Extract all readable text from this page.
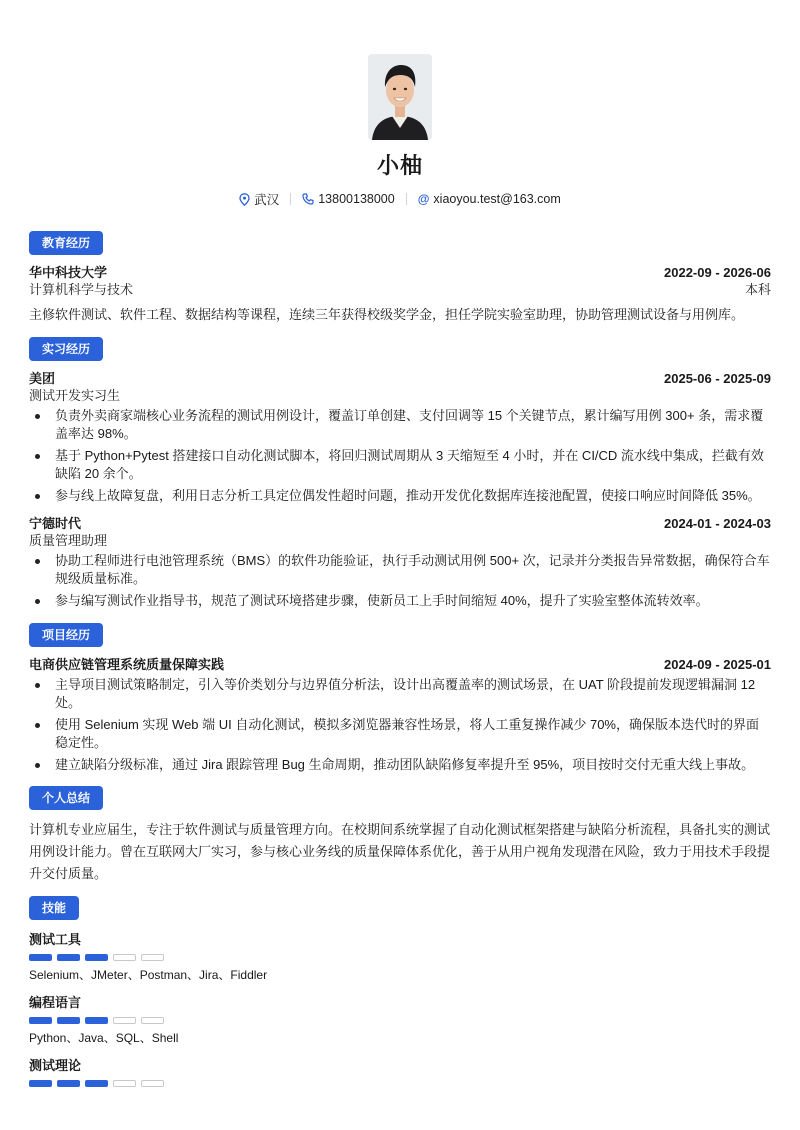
小柚
武汉	13800138000 @ xiaoyou.test@163.com
教育经历
华中科技大学	2022-09 - 2026-06
计算机科学与技术	本科

主修软件测试、软件工程、数据结构等课程，连续三年获得校级奖学金，担任学院实验室助理，协助管理测试设备与用例库。

实习经历
美团	2025-06 - 2025-09
测试开发实习生
负责外卖商家端核心业务流程的测试用例设计，覆盖订单创建、支付回调等 15 个关键节点，累计编写用例 300+ 条，需求覆盖率达 98%。
基于 Python+Pytest 搭建接口自动化测试脚本，将回归测试周期从 3 天缩短至 4 小时，并在 CI/CD 流水线中集成，拦截有效缺陷 20 余个。
参与线上故障复盘，利用日志分析工具定位偶发性超时问题，推动开发优化数据库连接池配置，使接口响应时间降低 35%。
宁德时代	2024-01 - 2024-03
质量管理助理
协助工程师进行电池管理系统（BMS）的软件功能验证，执行手动测试用例 500+ 次，记录并分类报告异常数据，确保符合车规级质量标准。
参与编写测试作业指导书，规范了测试环境搭建步骤，使新员工上手时间缩短 40%，提升了实验室整体流转效率。
项目经历
电商供应链管理系统质量保障实践	2024-09 - 2025-01
主导项目测试策略制定，引入等价类划分与边界值分析法，设计出高覆盖率的测试场景，在 UAT 阶段提前发现逻辑漏洞 12 处。
使用 Selenium 实现 Web 端 UI 自动化测试，模拟多浏览器兼容性场景，将人工重复操作减少 70%，确保版本迭代时的界面稳定性。
建立缺陷分级标准，通过 Jira 跟踪管理 Bug 生命周期，推动团队缺陷修复率提升至 95%，项目按时交付无重大线上事故。
个人总结

计算机专业应届生，专注于软件测试与质量管理方向。在校期间系统掌握了自动化测试框架搭建与缺陷分析流程，具备扎实的测试用例设计能力。曾在互联网大厂实习，参与核心业务线的质量保障体系优化，善于从用户视角发现潜在风险，致力于用技术手段提升交付质量。

技能
测试工具
Selenium、JMeter、Postman、Jira、Fiddler
编程语言
Python、Java、SQL、Shell
测试理论
